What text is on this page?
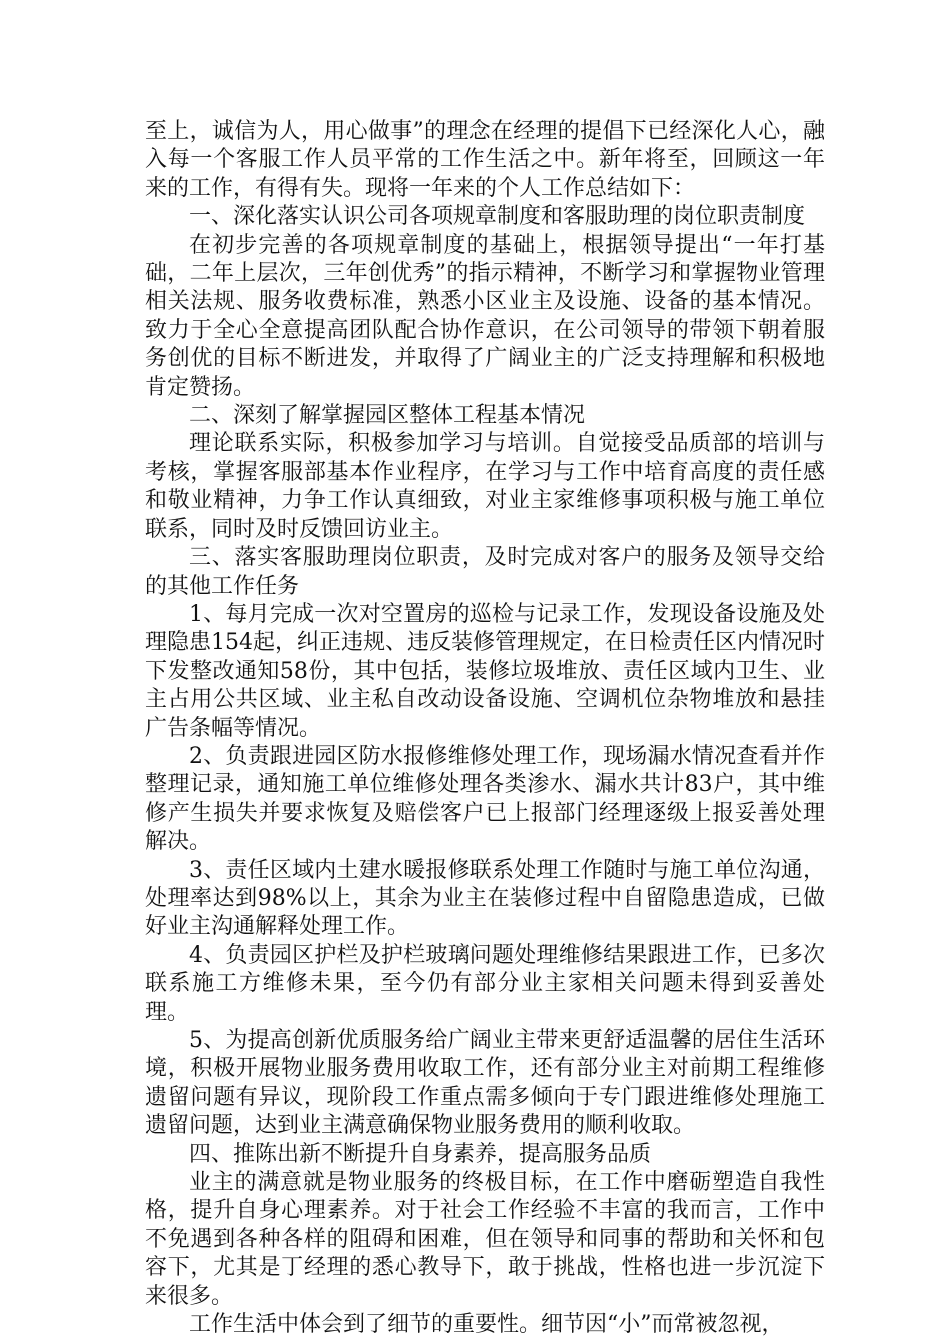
至上，诚信为人，用心做事”的理念在经理的提倡下已经深化人心，融入每一个客服工作人员平常的工作生活之中。新年将至，回顾这一年来的工作，有得有失。现将一年来的个人工作总结如下：

一、深化落实认识公司各项规章制度和客服助理的岗位职责制度

在初步完善的各项规章制度的基础上，根据领导提出“一年打基础，二年上层次，三年创优秀”的指示精神，不断学习和掌握物业管理相关法规、服务收费标准，熟悉小区业主及设施、设备的基本情况。致力于全心全意提高团队配合协作意识，在公司领导的带领下朝着服务创优的目标不断进发，并取得了广阔业主的广泛支持理解和积极地肯定赞扬。

二、深刻了解掌握园区整体工程基本情况

理论联系实际，积极参加学习与培训。自觉接受品质部的培训与考核，掌握客服部基本作业程序，在学习与工作中培育高度的责任感和敬业精神，力争工作认真细致，对业主家维修事项积极与施工单位联系，同时及时反馈回访业主。

三、落实客服助理岗位职责，及时完成对客户的服务及领导交给的其他工作任务

1、每月完成一次对空置房的巡检与记录工作，发现设备设施及处理隐患154起，纠正违规、违反装修管理规定，在日检责任区内情况时下发整改通知58份，其中包括，装修垃圾堆放、责任区域内卫生、业主占用公共区域、业主私自改动设备设施、空调机位杂物堆放和悬挂广告条幅等情况。

2、负责跟进园区防水报修维修处理工作，现场漏水情况查看并作整理记录，通知施工单位维修处理各类渗水、漏水共计83户，其中维修产生损失并要求恢复及赔偿客户已上报部门经理逐级上报妥善处理解决。

3、责任区域内土建水暖报修联系处理工作随时与施工单位沟通，处理率达到98%以上，其余为业主在装修过程中自留隐患造成，已做好业主沟通解释处理工作。

4、负责园区护栏及护栏玻璃问题处理维修结果跟进工作，已多次联系施工方维修未果，至今仍有部分业主家相关问题未得到妥善处理。

5、为提高创新优质服务给广阔业主带来更舒适温馨的居住生活环境，积极开展物业服务费用收取工作，还有部分业主对前期工程维修遗留问题有异议，现阶段工作重点需多倾向于专门跟进维修处理施工遗留问题，达到业主满意确保物业服务费用的顺利收取。

四、推陈出新不断提升自身素养，提高服务品质

业主的满意就是物业服务的终极目标，在工作中磨砺塑造自我性格，提升自身心理素养。对于社会工作经验不丰富的我而言，工作中不免遇到各种各样的阻碍和困难，但在领导和同事的帮助和关怀和包容下，尤其是丁经理的悉心教导下，敢于挑战，性格也进一步沉淀下来很多。

工作生活中体会到了细节的重要性。细节因“小”而常被忽视，
